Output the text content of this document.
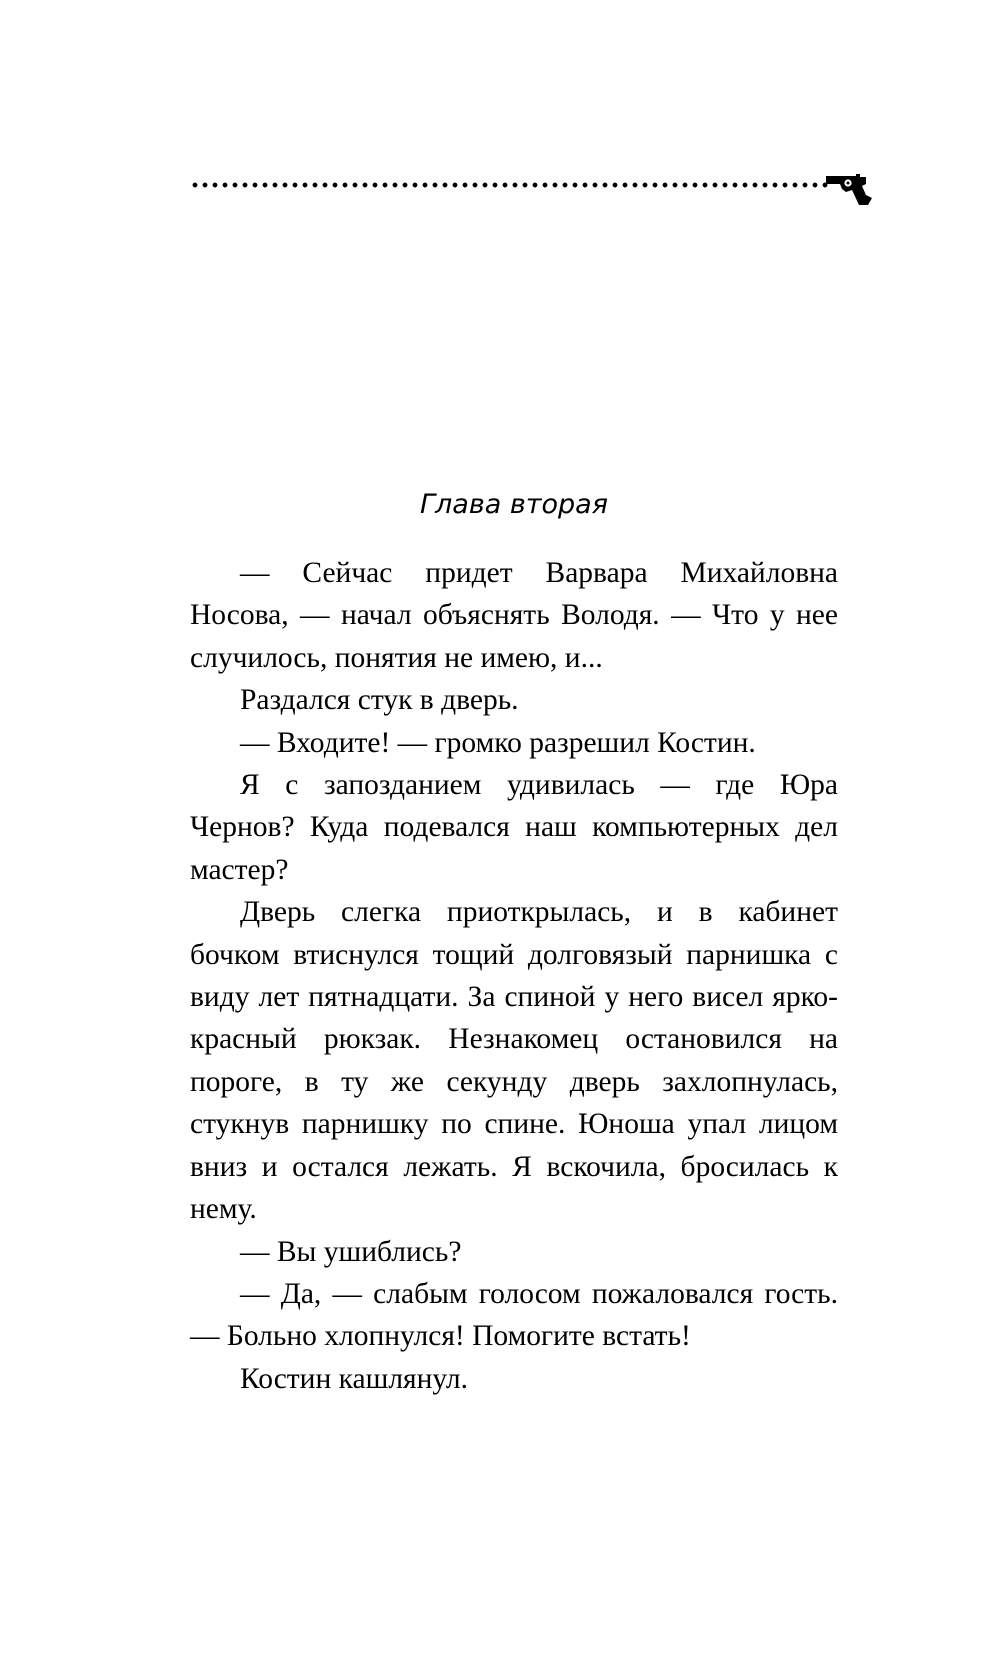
Глава вторая

— Сейчас придет Варвара Михайловна Носова, — начал объяснять Володя. — Что у нее случилось, понятия не имею, и...

Раздался стук в дверь.

— Входите! — громко разрешил Костин.

Я с запозданием удивилась — где Юра Чернов? Куда подевался наш компьютерных дел мастер?

Дверь слегка приоткрылась, и в кабинет бочком втиснулся тощий долговязый парнишка с виду лет пятнадцати. За спиной у него висел ярко-красный рюкзак. Незнакомец остановился на пороге, в ту же секунду дверь захлопнулась, стукнув парнишку по спине. Юноша упал лицом вниз и остался лежать. Я вскочила, бросилась к нему.

— Вы ушиблись?

— Да, — слабым голосом пожаловался гость. — Больно хлопнулся! Помогите встать!

Костин кашлянул.
